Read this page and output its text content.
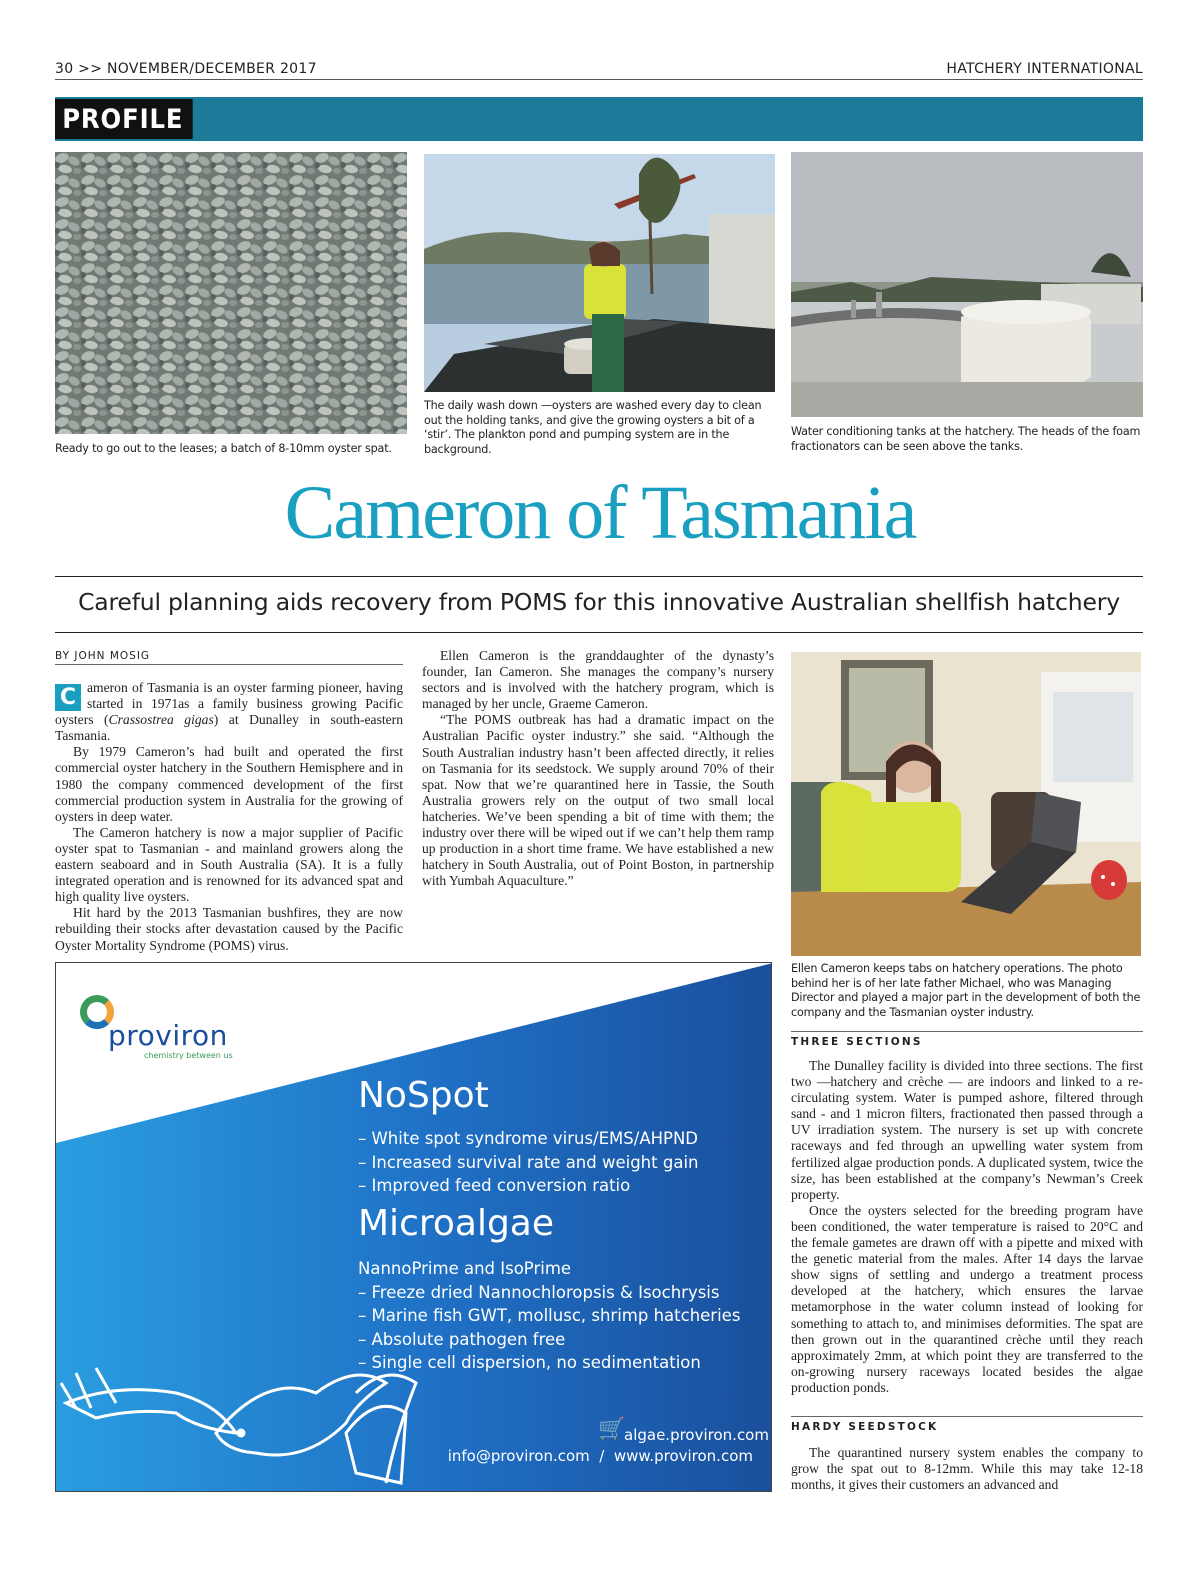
30 >> NOVEMBER/DECEMBER 2017	HATCHERY INTERNATIONAL
PROFILE
Ready to go out to the leases; a batch of 8-10mm oyster spat.
The daily wash down —oysters are washed every day to clean out the holding tanks, and give the growing oysters a bit of a ‘stir’. The plankton pond and pumping system are in the background.
Water conditioning tanks at the hatchery. The heads of the foam fractionators can be seen above the tanks.
Cameron of Tasmania
Careful planning aids recovery from POMS for this innovative Australian shellfish hatchery
BY JOHN MOSIG

C ameron of Tasmania is an oyster farming pioneer, having started in 1971as a family business growing Pacific oysters (Crassostrea gigas) at Dunalley in south-eastern Tasmania.

By 1979 Cameron’s had built and operated the first commercial oyster hatchery in the Southern Hemisphere and in 1980 the company commenced development of the first commercial production system in Australia for the growing of oysters in deep water.

The Cameron hatchery is now a major supplier of Pacific oyster spat to Tasmanian - and mainland growers along the eastern seaboard and in South Australia (SA). It is a fully integrated operation and is renowned for its advanced spat and high quality live oysters.

Hit hard by the 2013 Tasmanian bushfires, they are now rebuilding their stocks after devastation caused by the Pacific Oyster Mortality Syndrome (POMS) virus.

Ellen Cameron is the granddaughter of the dynasty’s founder, Ian Cameron. She manages the company’s nursery sectors and is involved with the hatchery program, which is managed by her uncle, Graeme Cameron.

“The POMS outbreak has had a dramatic impact on the Australian Pacific oyster industry.” she said. “Although the South Australian industry hasn’t been affected directly, it relies on Tasmania for its seedstock. We supply around 70% of their spat. Now that we’re quarantined here in Tassie, the South Australia growers rely on the output of two small local hatcheries. We’ve been spending a bit of time with them; the industry over there will be wiped out if we can’t help them ramp up production in a short time frame. We have established a new hatchery in South Australia, out of Point Boston, in partnership with Yumbah Aquaculture.”

Ellen Cameron keeps tabs on hatchery operations. The photo behind her is of her late father Michael, who was Managing Director and played a major part in the development of both the company and the Tasmanian oyster industry.
THREE SECTIONS

The Dunalley facility is divided into three sections. The first two —hatchery and crèche — are indoors and linked to a re-circulating system. Water is pumped ashore, filtered through sand - and 1 micron filters, fractionated then passed through a UV irradiation system. The nursery is set up with concrete raceways and fed through an upwelling water system from fertilized algae production ponds. A duplicated system, twice the size, has been established at the company’s Newman’s Creek property.

Once the oysters selected for the breeding program have been conditioned, the water temperature is raised to 20°C and the female gametes are drawn off with a pipette and mixed with the genetic material from the males. After 14 days the larvae show signs of settling and undergo a treatment process developed at the hatchery, which ensures the larvae metamorphose in the water column instead of looking for something to attach to, and minimises deformities. The spat are then grown out in the quarantined crèche until they reach approximately 2mm, at which point they are transferred to the on-growing nursery raceways located besides the algae production ponds.

HARDY SEEDSTOCK

The quarantined nursery system enables the company to grow the spat out to 8-12mm. While this may take 12-18 months, it gives their customers an advanced and

proviron
chemistry between us
NoSpot
– White spot syndrome virus/EMS/AHPND
– Increased survival rate and weight gain
– Improved feed conversion ratio
Microalgae
NannoPrime and IsoPrime
– Freeze dried Nannochloropsis & Isochrysis
– Marine fish GWT, mollusc, shrimp hatcheries
– Absolute pathogen free
– Single cell dispersion, no sedimentation
🛒
algae.proviron.com
info@proviron.com  /  www.proviron.com
